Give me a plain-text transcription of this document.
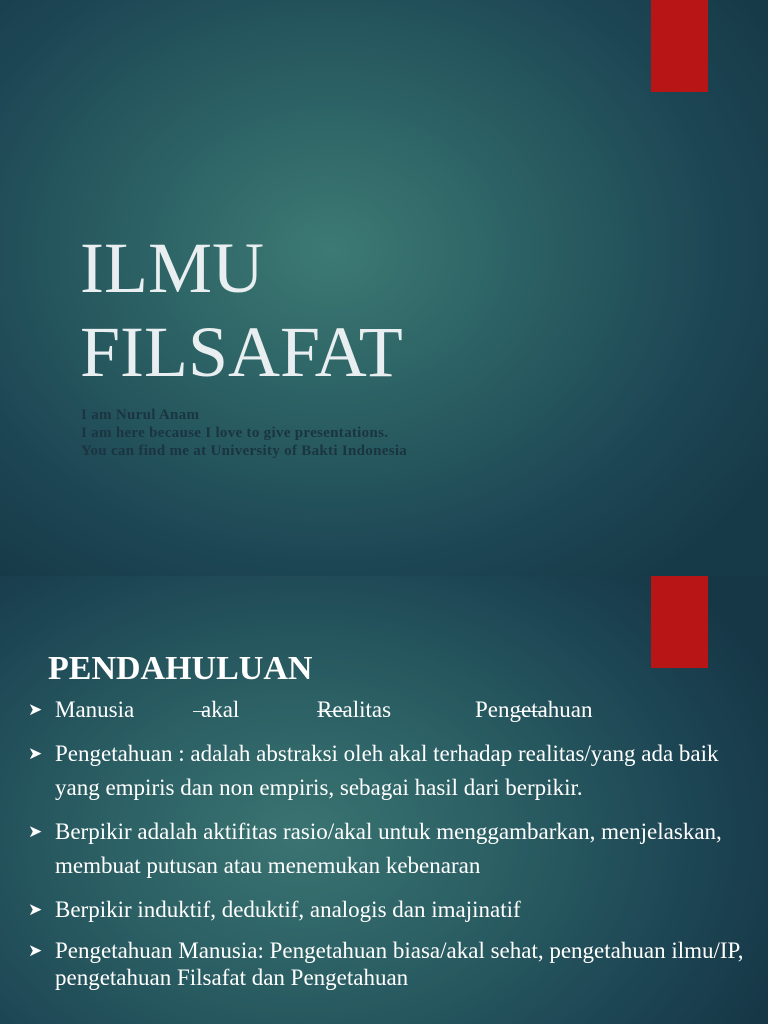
ILMU
FILSAFAT

I am Nurul Anam
I am here because I love to give presentations.
You can find me at University of Bakti Indonesia

PENDAHULUAN
➤ Manusia	akal	Realitas	Pengetahuan
➤ Pengetahuan : adalah abstraksi oleh akal terhadap realitas/yang ada baik yang empiris dan non empiris, sebagai hasil dari berpikir.
➤ Berpikir adalah aktifitas rasio/akal untuk menggambarkan, menjelaskan, membuat putusan atau menemukan kebenaran
➤ Berpikir induktif, deduktif, analogis dan imajinatif
➤ Pengetahuan Manusia: Pengetahuan biasa/akal sehat, pengetahuan ilmu/IP, pengetahuan Filsafat dan Pengetahuan
